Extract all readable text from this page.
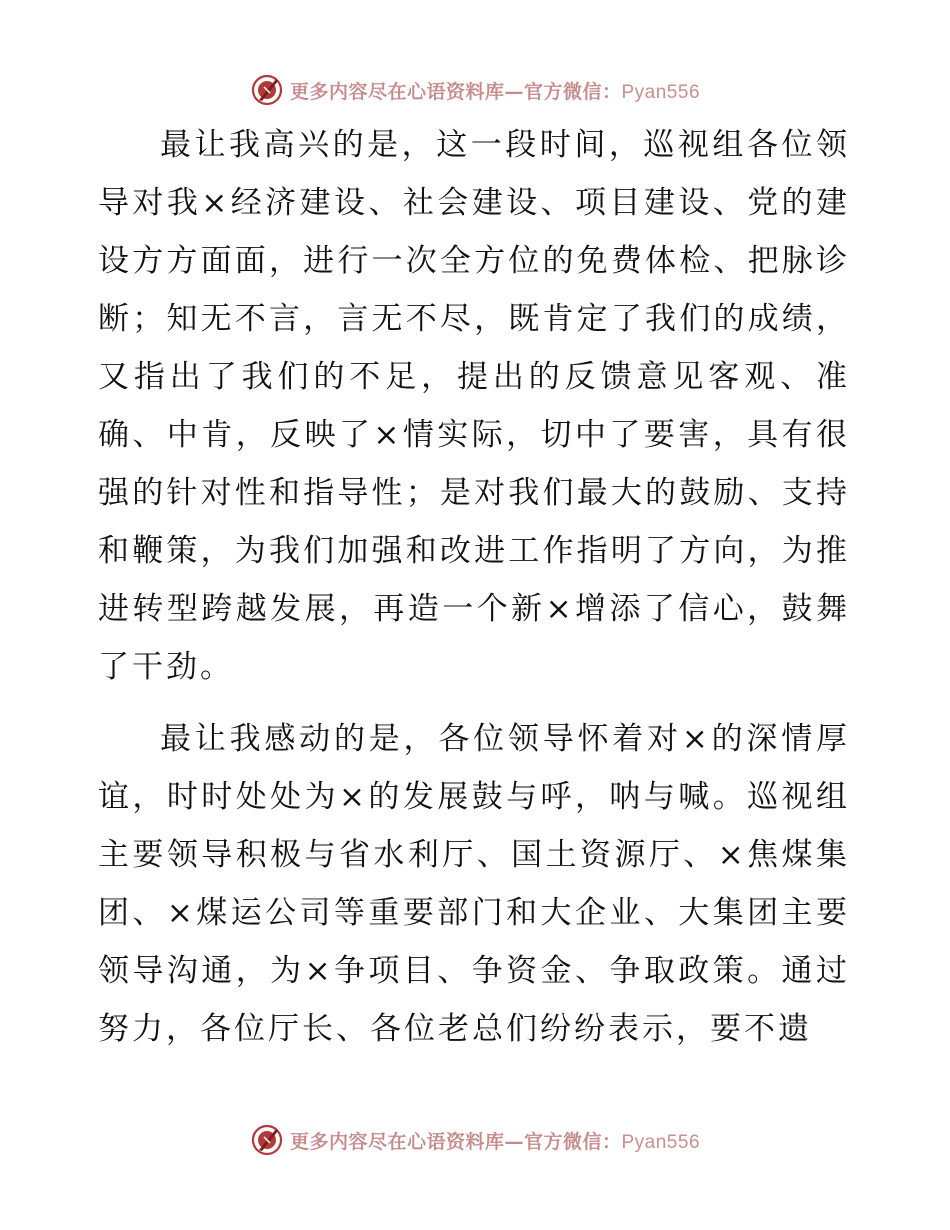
更多内容尽在心语资料库—官方微信：Pyan556

最让我高兴的是，这一段时间，巡视组各位领导对我×经济建设、社会建设、项目建设、党的建设方方面面，进行一次全方位的免费体检、把脉诊断；知无不言，言无不尽，既肯定了我们的成绩，又指出了我们的不足，提出的反馈意见客观、准确、中肯，反映了×情实际，切中了要害，具有很强的针对性和指导性；是对我们最大的鼓励、支持和鞭策，为我们加强和改进工作指明了方向，为推进转型跨越发展，再造一个新×增添了信心，鼓舞了干劲。

最让我感动的是，各位领导怀着对×的深情厚谊，时时处处为×的发展鼓与呼，呐与喊。巡视组主要领导积极与省水利厅、国土资源厅、×焦煤集团、×煤运公司等重要部门和大企业、大集团主要领导沟通，为×争项目、争资金、争取政策。通过努力，各位厅长、各位老总们纷纷表示，要不遗

更多内容尽在心语资料库—官方微信：Pyan556
